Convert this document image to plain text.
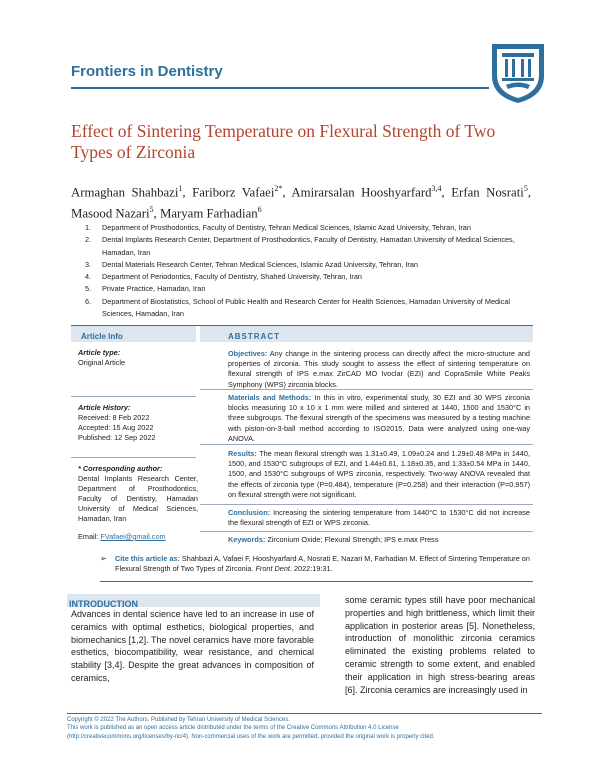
Frontiers in Dentistry
Effect of Sintering Temperature on Flexural Strength of Two Types of Zirconia
Armaghan Shahbazi$^1$, Fariborz Vafaei$^{2*}$, Amirarsalan Hooshyarfard$^{3,4}$, Erfan Nosrati$^5$, Masood Nazari$^5$, Maryam Farhadian$^6$
1.	Department of Prosthodontics, Faculty of Dentistry, Tehran Medical Sciences, Islamic Azad University, Tehran, Iran
2.	Dental Implants Research Center, Department of Prosthodontics, Faculty of Dentistry, Hamadan University of Medical Sciences, Hamadan, Iran
3.	Dental Materials Research Center, Tehran Medical Sciences, Islamic Azad University, Tehran, Iran
4.	Department of Periodontics, Faculty of Dentistry, Shahed University, Tehran, Iran
5.	Private Practice, Hamadan, Iran
6.	Department of Biostatistics, School of Public Health and Research Center for Health Sciences, Hamadan University of Medical Sciences, Hamadan, Iran
Article Info	ABSTRACT
Article type:
Original Article
Article History:
Received: 8 Feb 2022
Accepted: 15 Aug 2022
Published: 12 Sep 2022
* Corresponding author:
Dental Implants Research Center, Department of Prosthodontics, Faculty of Dentistry, Hamadan University of Medical Sciences, Hamadan, Iran
Email: FVafaei@gmail.com
Objectives: Any change in the sintering process can directly affect the micro-structure and properties of zirconia. This study sought to assess the effect of sintering temperature on flexural strength of IPS e.max ZirCAD MO Ivoclar (EZI) and CopraSmile White Peaks Symphony (WPS) zirconia blocks.
Materials and Methods: In this in vitro, experimental study, 30 EZI and 30 WPS zirconia blocks measuring 10 x 10 x 1 mm were milled and sintered at 1440, 1500 and 1530°C in three subgroups. The flexural strength of the specimens was measured by a testing machine with piston-on-3-ball method according to ISO2015. Data were analyzed using one-way ANOVA.
Results: The mean flexural strength was 1.31±0.49, 1.09±0.24 and 1.29±0.48 MPa in 1440, 1500, and 1530°C subgroups of EZI, and 1.44±0.61, 1.18±0.35, and 1.33±0.54 MPa in 1440, 1500, and 1530°C subgroups of WPS zirconia, respectively. Two-way ANOVA revealed that the effects of zirconia type (P=0.484), temperature (P=0.258) and their interaction (P=0.957) on flexural strength were not significant.
Conclusion: Increasing the sintering temperature from 1440°C to 1530°C did not increase the flexural strength of EZI or WPS zirconia.
Keywords: Zirconium Oxide; Flexural Strength; IPS e.max Press
➢ Cite this article as: Shahbazi A, Vafaei F, Hooshyarfard A, Nosrati E, Nazari M, Farhadian M. Effect of Sintering Temperature on Flexural Strength of Two Types of Zirconia. Front Dent. 2022:19:31.
INTRODUCTION
Advances in dental science have led to an increase in use of ceramics with optimal esthetics, biological properties, and biomechanics [1,2]. The novel ceramics have more favorable esthetics, biocompatibility, wear resistance, and chemical stability [3,4]. Despite the great advances in composition of ceramics,
some ceramic types still have poor mechanical properties and high brittleness, which limit their application in posterior areas [5]. Nonetheless, introduction of monolithic zirconia ceramics eliminated the existing problems related to ceramic strength to some extent, and enabled their application in high stress-bearing areas [6]. Zirconia ceramics are increasingly used in
Copyright © 2022 The Authors. Published by Tehran University of Medical Sciences.
This work is published as an open access article distributed under the terms of the Creative Commons Attribution 4.0 License
(http://creativecommons.org/licenses/by-nc/4). Non-commercial uses of the work are permitted, provided the original work is properly cited.
